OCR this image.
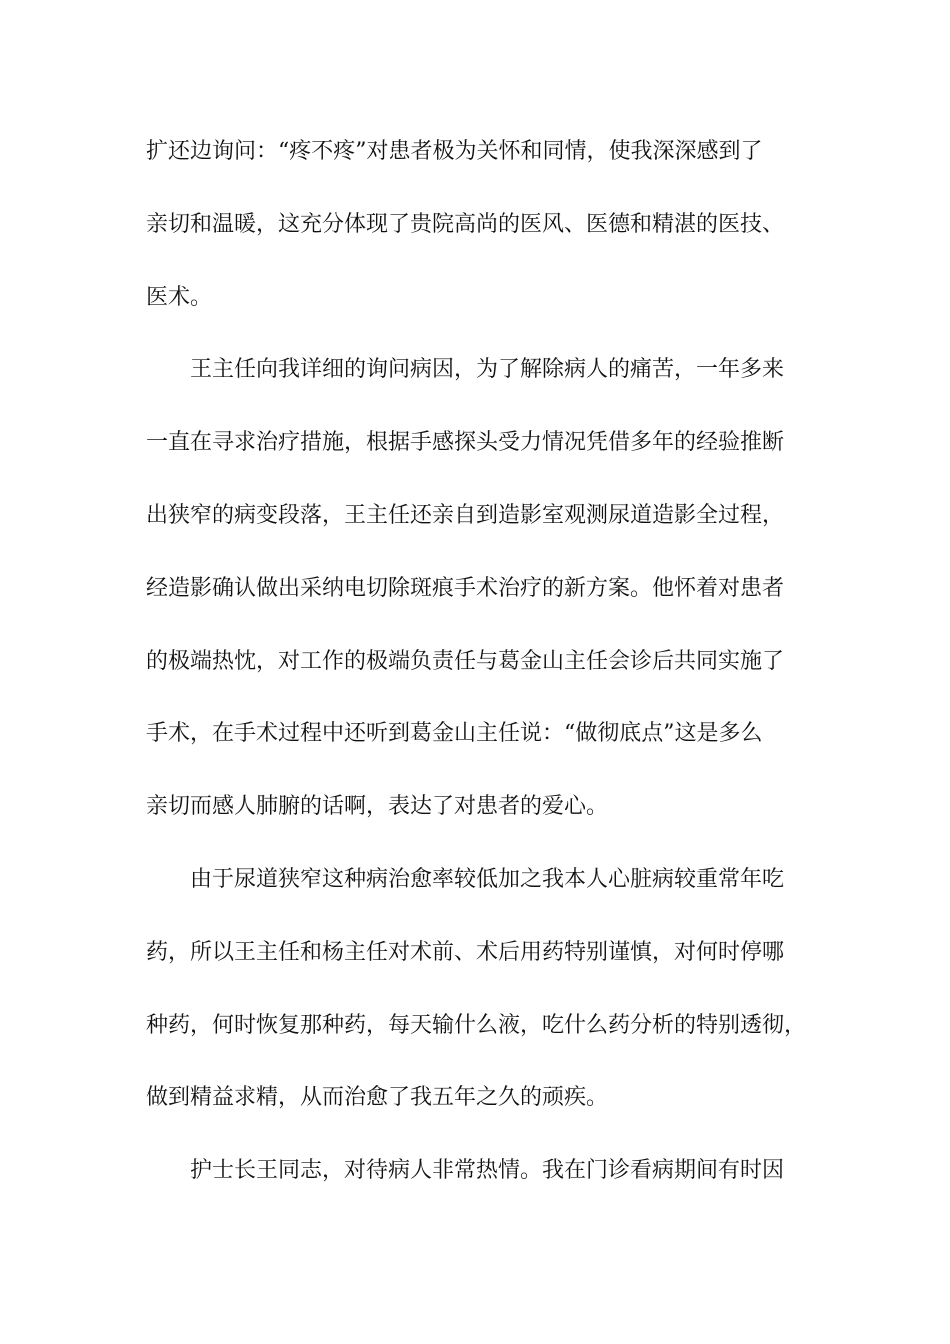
扩还边询问：“疼不疼”对患者极为关怀和同情，使我深深感到了
亲切和温暖，这充分体现了贵院高尚的医风、医德和精湛的医技、
医术。
王主任向我详细的询问病因，为了解除病人的痛苦，一年多来
一直在寻求治疗措施，根据手感探头受力情况凭借多年的经验推断
出狭窄的病变段落，王主任还亲自到造影室观测尿道造影全过程，
经造影确认做出采纳电切除斑痕手术治疗的新方案。他怀着对患者
的极端热忱，对工作的极端负责任与葛金山主任会诊后共同实施了
手术，在手术过程中还听到葛金山主任说：“做彻底点”这是多么
亲切而感人肺腑的话啊，表达了对患者的爱心。
由于尿道狭窄这种病治愈率较低加之我本人心脏病较重常年吃
药，所以王主任和杨主任对术前、术后用药特别谨慎，对何时停哪
种药，何时恢复那种药，每天输什么液，吃什么药分析的特别透彻，
做到精益求精，从而治愈了我五年之久的顽疾。
护士长王同志，对待病人非常热情。我在门诊看病期间有时因
